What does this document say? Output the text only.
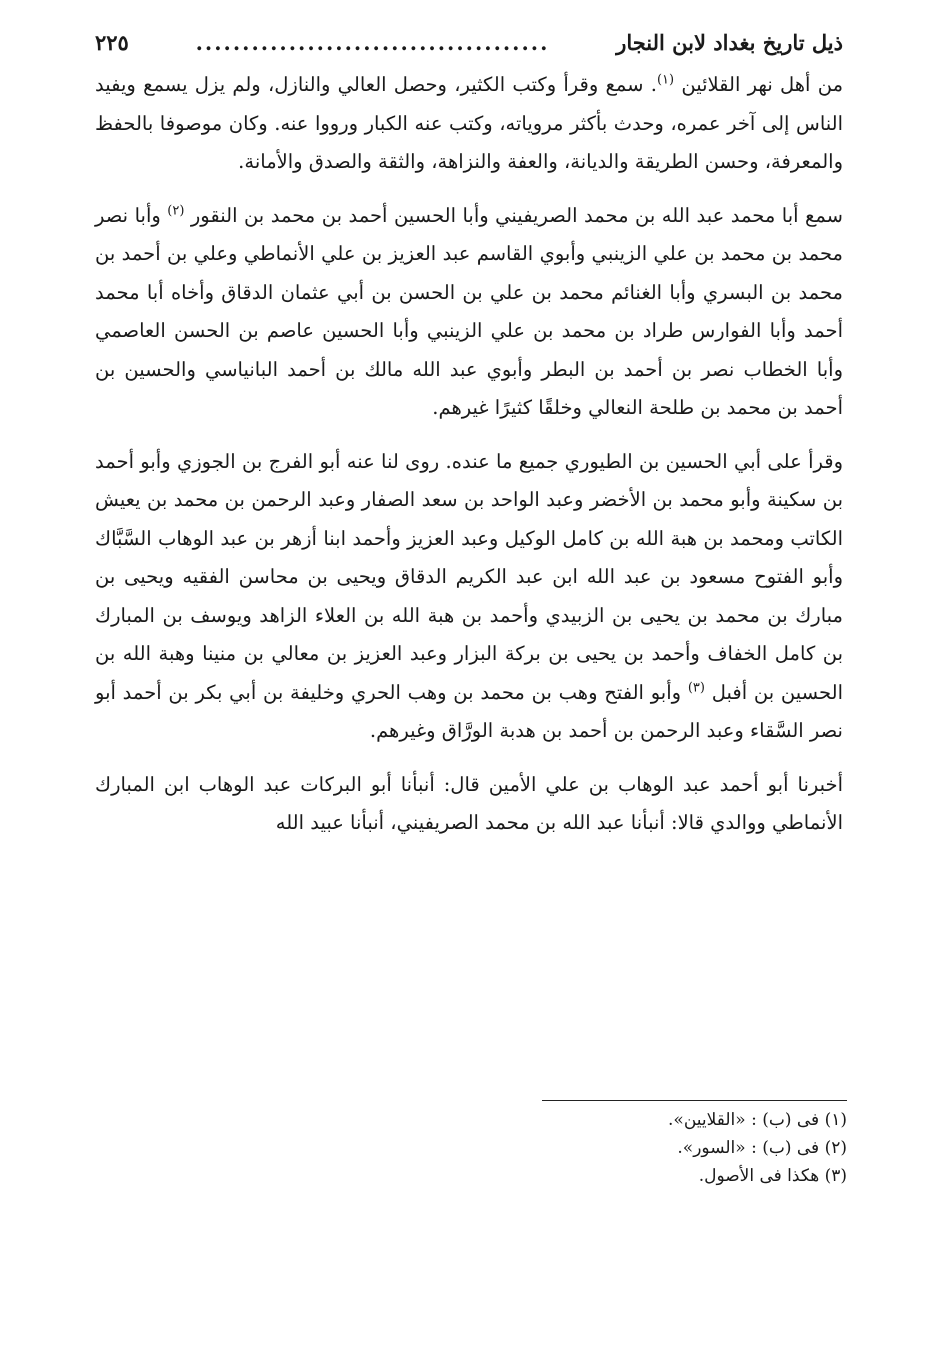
ذيل تاريخ بغداد لابن النجار
......................................
٢٢٥

من أهل نهر القلائين $^{(١)}$. سمع وقرأ وكتب الكثير، وحصل العالي والنازل، ولم يزل يسمع ويفيد الناس إلى آخر عمره، وحدث بأكثر مروياته، وكتب عنه الكبار ورووا عنه. وكان موصوفا بالحفظ والمعرفة، وحسن الطريقة والديانة، والعفة والنزاهة، والثقة والصدق والأمانة.

سمع أبا محمد عبد الله بن محمد الصريفيني وأبا الحسين أحمد بن محمد بن النقور $^{(٢)}$ وأبا نصر محمد بن محمد بن علي الزينبي وأبوي القاسم عبد العزيز بن علي الأنماطي وعلي بن أحمد بن محمد بن البسري وأبا الغنائم محمد بن علي بن الحسن بن أبي عثمان الدقاق وأخاه أبا محمد أحمد وأبا الفوارس طراد بن محمد بن علي الزينبي وأبا الحسين عاصم بن الحسن العاصمي وأبا الخطاب نصر بن أحمد بن البطر وأبوي عبد الله مالك بن أحمد البانياسي والحسين بن أحمد بن محمد بن طلحة النعالي وخلقًا كثيرًا غيرهم.

وقرأ على أبي الحسين بن الطيوري جميع ما عنده. روى لنا عنه أبو الفرج بن الجوزي وأبو أحمد بن سكينة وأبو محمد بن الأخضر وعبد الواحد بن سعد الصفار وعبد الرحمن بن محمد بن يعيش الكاتب ومحمد بن هبة الله بن كامل الوكيل وعبد العزيز وأحمد ابنا أزهر بن عبد الوهاب السَّبَّاك وأبو الفتوح مسعود بن عبد الله ابن عبد الكريم الدقاق ويحيى بن محاسن الفقيه ويحيى بن مبارك بن محمد بن يحيى بن الزبيدي وأحمد بن هبة الله بن العلاء الزاهد ويوسف بن المبارك بن كامل الخفاف وأحمد بن يحيى بن بركة البزار وعبد العزيز بن معالي بن منينا وهبة الله بن الحسين بن أفبل $^{(٣)}$ وأبو الفتح وهب بن محمد بن وهب الحري وخليفة بن أبي بكر بن أحمد أبو نصر السَّقاء وعبد الرحمن بن أحمد بن هدبة الورَّاق وغيرهم.

أخبرنا أبو أحمد عبد الوهاب بن علي الأمين قال: أنبأنا أبو البركات عبد الوهاب ابن المبارك الأنماطي ووالدي قالا: أنبأنا عبد الله بن محمد الصريفيني، أنبأنا عبيد الله

(١) فى (ب) : «القلايين».
(٢) فى (ب) : «السور».
(٣) هكذا فى الأصول.
